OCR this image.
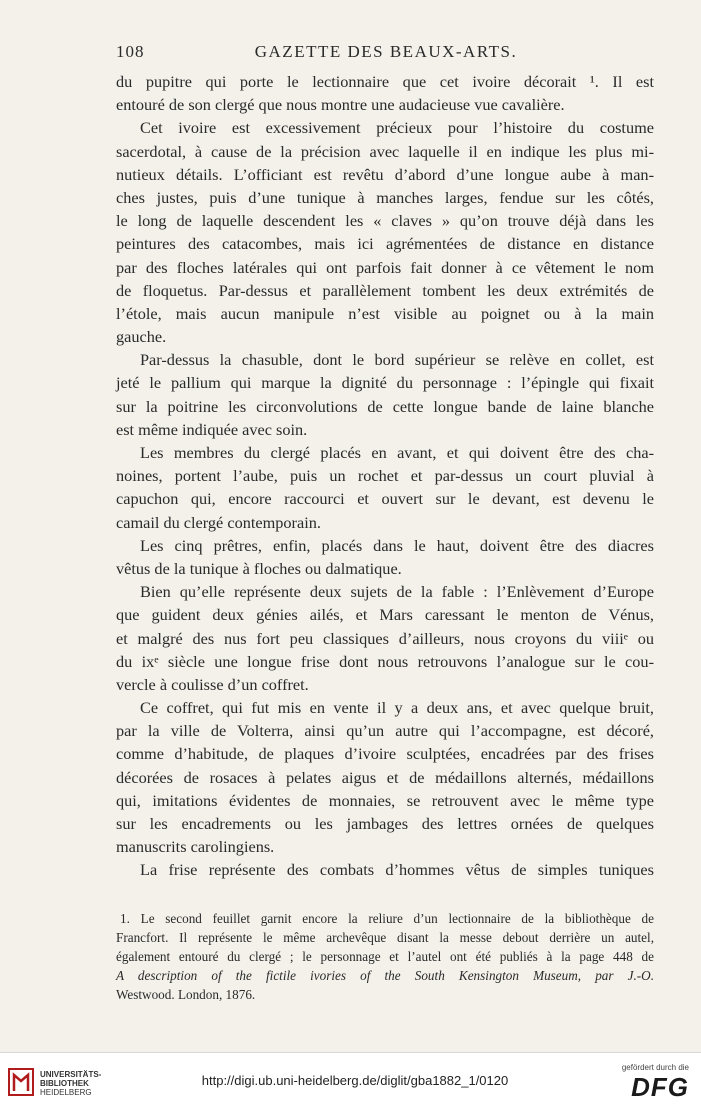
108	GAZETTE DES BEAUX-ARTS.
du pupitre qui porte le lectionnaire que cet ivoire décorait ¹. Il est
entouré de son clergé que nous montre une audacieuse vue cavalière.
Cet ivoire est excessivement précieux pour l’histoire du costume
sacerdotal, à cause de la précision avec laquelle il en indique les plus mi-
nutieux détails. L’officiant est revêtu d’abord d’une longue aube à man-
ches justes, puis d’une tunique à manches larges, fendue sur les côtés,
le long de laquelle descendent les « claves » qu’on trouve déjà dans les
peintures des catacombes, mais ici agrémentées de distance en distance
par des floches latérales qui ont parfois fait donner à ce vêtement le nom
de floquetus. Par-dessus et parallèlement tombent les deux extrémités de
l’étole, mais aucun manipule n’est visible au poignet ou à la main
gauche.
Par-dessus la chasuble, dont le bord supérieur se relève en collet, est
jeté le pallium qui marque la dignité du personnage : l’épingle qui fixait
sur la poitrine les circonvolutions de cette longue bande de laine blanche
est même indiquée avec soin.
Les membres du clergé placés en avant, et qui doivent être des cha-
noines, portent l’aube, puis un rochet et par-dessus un court pluvial à
capuchon qui, encore raccourci et ouvert sur le devant, est devenu le
camail du clergé contemporain.
Les cinq prêtres, enfin, placés dans le haut, doivent être des diacres
vêtus de la tunique à floches ou dalmatique.
Bien qu’elle représente deux sujets de la fable : l’Enlèvement d’Europe
que guident deux génies ailés, et Mars caressant le menton de Vénus,
et malgré des nus fort peu classiques d’ailleurs, nous croyons du viiiᵉ ou
du ixᵉ siècle une longue frise dont nous retrouvons l’analogue sur le cou-
vercle à coulisse d’un coffret.
Ce coffret, qui fut mis en vente il y a deux ans, et avec quelque bruit,
par la ville de Volterra, ainsi qu’un autre qui l’accompagne, est décoré,
comme d’habitude, de plaques d’ivoire sculptées, encadrées par des frises
décorées de rosaces à pelates aigus et de médaillons alternés, médaillons
qui, imitations évidentes de monnaies, se retrouvent avec le même type
sur les encadrements ou les jambages des lettres ornées de quelques
manuscrits carolingiens.
La frise représente des combats d’hommes vêtus de simples tuniques
1. Le second feuillet garnit encore la reliure d’un lectionnaire de la bibliothèque de
Francfort. Il représente le même archevêque disant la messe debout derrière un autel,
également entouré du clergé ; le personnage et l’autel ont été publiés à la page 448 de
A description of the fictile ivories of the South Kensington Museum, par J.-O.
Westwood. London, 1876.
UNIVERSITÄTS-
BIBLIOTHEK
HEIDELBERG
http://digi.ub.uni-heidelberg.de/diglit/gba1882_1/0120
gefördert durch die
DFG
